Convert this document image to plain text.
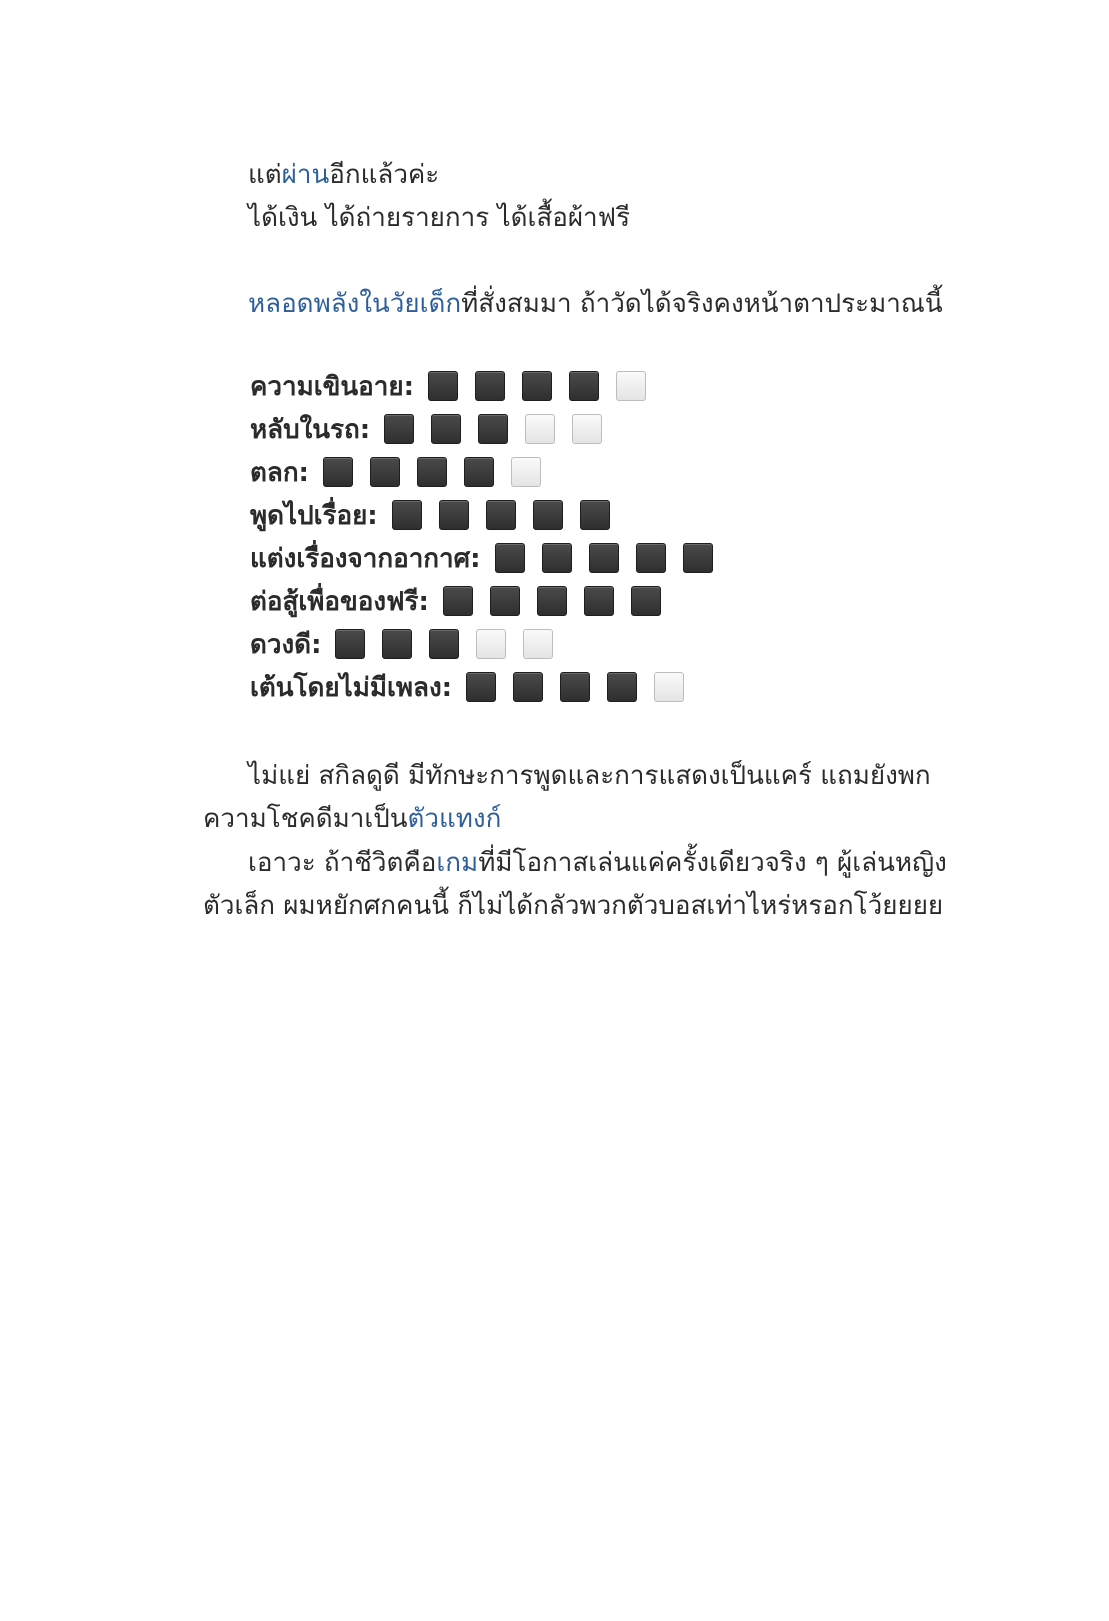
แต่ผ่านอีกแล้วค่ะ
ได้เงิน ได้ถ่ายรายการ ได้เสื้อผ้าฟรี
หลอดพลังในวัยเด็กที่สั่งสมมา ถ้าวัดได้จริงคงหน้าตาประมาณนี้
ความเขินอาย:
หลับในรถ:
ตลก:
พูดไปเรื่อย:
แต่งเรื่องจากอากาศ:
ต่อสู้เพื่อของฟรี:
ดวงดี:
เต้นโดยไม่มีเพลง:
ไม่แย่ สกิลดูดี มีทักษะการพูดและการแสดงเป็นแคร์ แถมยังพก
ความโชคดีมาเป็นตัวแทงก์
เอาวะ ถ้าชีวิตคือเกมที่มีโอกาสเล่นแค่ครั้งเดียวจริง ๆ ผู้เล่นหญิง
ตัวเล็ก ผมหยักศกคนนี้ ก็ไม่ได้กลัวพวกตัวบอสเท่าไหร่หรอกโว้ยยยย
